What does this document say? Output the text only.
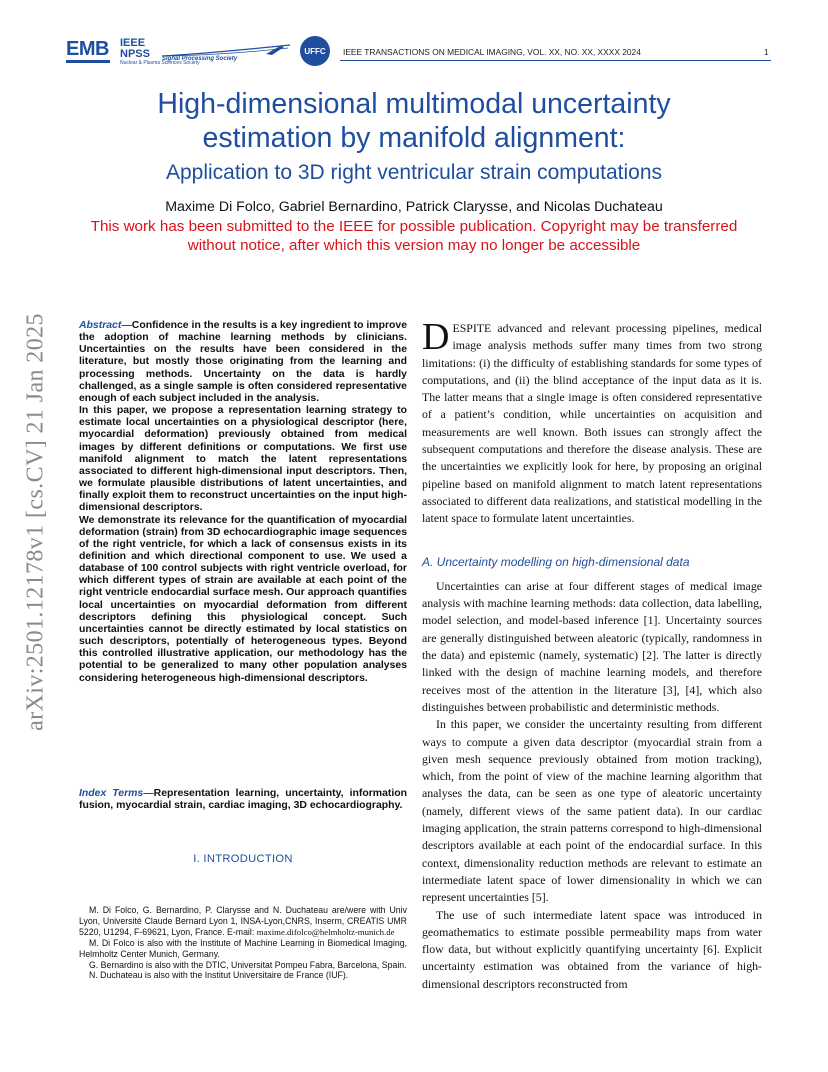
EMB IEEE
NPSS
Nuclear & Plasma Sciences Society
Signal Processing Society
UFFC IEEE TRANSACTIONS ON MEDICAL IMAGING, VOL. XX, NO. XX, XXXX 2024	1
High-dimensional multimodal uncertainty
estimation by manifold alignment:
Application to 3D right ventricular strain computations
Maxime Di Folco, Gabriel Bernardino, Patrick Clarysse, and Nicolas Duchateau
This work has been submitted to the IEEE for possible publication. Copyright may be transferred
without notice, after which this version may no longer be accessible
arXiv:2501.12178v1 [cs.CV] 21 Jan 2025	Abstract—Confidence in the results is a key ingredient to improve the adoption of machine learning methods by clinicians. Uncertainties on the results have been considered in the literature, but mostly those originating from the learning and processing methods. Uncertainty on the data is hardly challenged, as a single sample is often considered representative enough of each subject included in the analysis.

In this paper, we propose a representation learning strategy to estimate local uncertainties on a physiological descriptor (here, myocardial deformation) previously obtained from medical images by different definitions or computations. We first use manifold alignment to match the latent representations associated to different high-dimensional input descriptors. Then, we formulate plausible distributions of latent uncertainties, and finally exploit them to reconstruct uncertainties on the input high-dimensional descriptors.

We demonstrate its relevance for the quantification of myocardial deformation (strain) from 3D echocardiographic image sequences of the right ventricle, for which a lack of consensus exists in its definition and which directional component to use. We used a database of 100 control subjects with right ventricle overload, for which different types of strain are available at each point of the right ventricle endocardial surface mesh. Our approach quantifies local uncertainties on myocardial deformation from different descriptors defining this physiological concept. Such uncertainties cannot be directly estimated by local statistics on such descriptors, potentially of heterogeneous types. Beyond this controlled illustrative application, our methodology has the potential to be generalized to many other population analyses considering heterogeneous high-dimensional descriptors.

Index Terms—Representation learning, uncertainty, information fusion, myocardial strain, cardiac imaging, 3D echocardiography.
I. INTRODUCTION

M. Di Folco, G. Bernardino, P. Clarysse and N. Duchateau are/were with Univ Lyon, Université Claude Bernard Lyon 1, INSA-Lyon,CNRS, Inserm, CREATIS UMR 5220, U1294, F-69621, Lyon, France. E-mail: maxime.difolco@helmholtz-munich.de

M. Di Folco is also with the Institute of Machine Learning in Biomedical Imaging, Helmholtz Center Munich, Germany.

G. Bernardino is also with the DTIC, Universitat Pompeu Fabra, Barcelona, Spain.

N. Duchateau is also with the Institut Universitaire de France (IUF).

DESPITE advanced and relevant processing pipelines, medical image analysis methods suffer many times from two strong limitations: (i) the difficulty of establishing standards for some types of computations, and (ii) the blind acceptance of the input data as it is. The latter means that a single image is often considered representative of a patient’s condition, while uncertainties on acquisition and measurements are well known. Both issues can strongly affect the subsequent computations and therefore the disease analysis. These are the uncertainties we explicitly look for here, by proposing an original pipeline based on manifold alignment to match latent representations associated to different data realizations, and statistical modelling in the latent space to formulate latent uncertainties.

A. Uncertainty modelling on high-dimensional data

Uncertainties can arise at four different stages of medical image analysis with machine learning methods: data collection, data labelling, model selection, and model-based inference [1]. Uncertainty sources are generally distinguished between aleatoric (typically, randomness in the data) and epistemic (namely, systematic) [2]. The latter is directly linked with the design of machine learning models, and therefore receives most of the attention in the literature [3], [4], which also distinguishes between probabilistic and deterministic methods.

In this paper, we consider the uncertainty resulting from different ways to compute a given data descriptor (myocardial strain from a given mesh sequence previously obtained from motion tracking), which, from the point of view of the machine learning algorithm that analyses the data, can be seen as one type of aleatoric uncertainty (namely, different views of the same patient data). In our cardiac imaging application, the strain patterns correspond to high-dimensional descriptors available at each point of the endocardial surface. In this context, dimensionality reduction methods are relevant to estimate an intermediate latent space of lower dimensionality in which we can represent uncertainties [5].

The use of such intermediate latent space was introduced in geomathematics to estimate possible permeability maps from water flow data, but without explicitly quantifying uncertainty [6]. Explicit uncertainty estimation was obtained from the variance of high-dimensional descriptors reconstructed from
